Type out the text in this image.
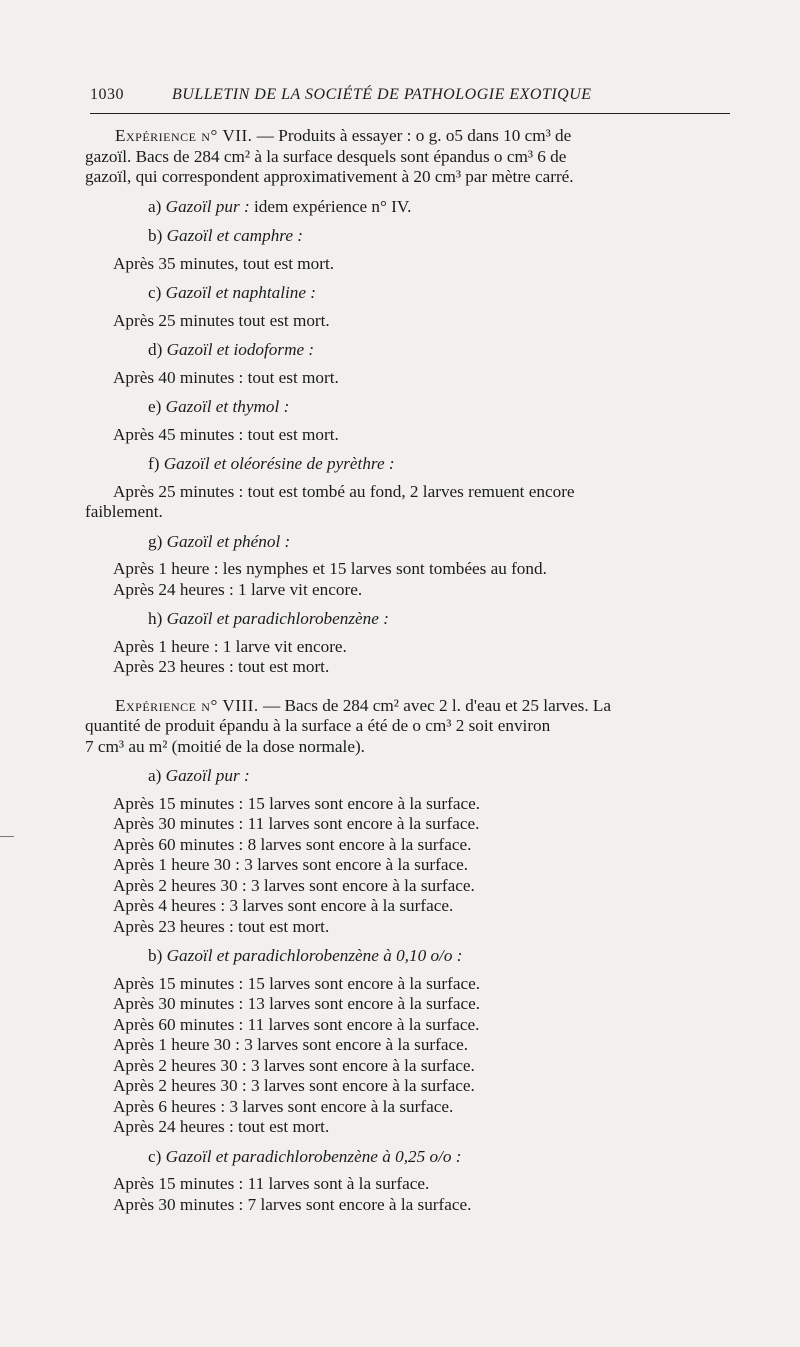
1030	BULLETIN DE LA SOCIÉTÉ DE PATHOLOGIE EXOTIQUE
Expérience n° VII. — Produits à essayer : o g. o5 dans 10 cm³ de
gazoïl. Bacs de 284 cm² à la surface desquels sont épandus o cm³ 6 de
gazoïl, qui correspondent approximativement à 20 cm³ par mètre carré.
a) Gazoïl pur : idem expérience n° IV.
b) Gazoïl et camphre :
Après 35 minutes, tout est mort.
c) Gazoïl et naphtaline :
Après 25 minutes tout est mort.
d) Gazoïl et iodoforme :
Après 40 minutes : tout est mort.
e) Gazoïl et thymol :
Après 45 minutes : tout est mort.
f) Gazoïl et oléorésine de pyrèthre :
Après 25 minutes : tout est tombé au fond, 2 larves remuent encore
faiblement.
g) Gazoïl et phénol :
Après 1 heure : les nymphes et 15 larves sont tombées au fond.
Après 24 heures : 1 larve vit encore.
h) Gazoïl et paradichlorobenzène :
Après 1 heure : 1 larve vit encore.
Après 23 heures : tout est mort.
Expérience n° VIII. — Bacs de 284 cm² avec 2 l. d'eau et 25 larves. La
quantité de produit épandu à la surface a été de o cm³ 2 soit environ
7 cm³ au m² (moitié de la dose normale).
a) Gazoïl pur :
Après 15 minutes : 15 larves sont encore à la surface.
Après 30 minutes : 11 larves sont encore à la surface.
Après 60 minutes : 8 larves sont encore à la surface.
Après 1 heure 30 : 3 larves sont encore à la surface.
Après 2 heures 30 : 3 larves sont encore à la surface.
Après 4 heures : 3 larves sont encore à la surface.
Après 23 heures : tout est mort.
b) Gazoïl et paradichlorobenzène à 0,10 o/o :
Après 15 minutes : 15 larves sont encore à la surface.
Après 30 minutes : 13 larves sont encore à la surface.
Après 60 minutes : 11 larves sont encore à la surface.
Après 1 heure 30 : 3 larves sont encore à la surface.
Après 2 heures 30 : 3 larves sont encore à la surface.
Après 2 heures 30 : 3 larves sont encore à la surface.
Après 6 heures : 3 larves sont encore à la surface.
Après 24 heures : tout est mort.
c) Gazoïl et paradichlorobenzène à 0,25 o/o :
Après 15 minutes : 11 larves sont à la surface.
Après 30 minutes : 7 larves sont encore à la surface.
